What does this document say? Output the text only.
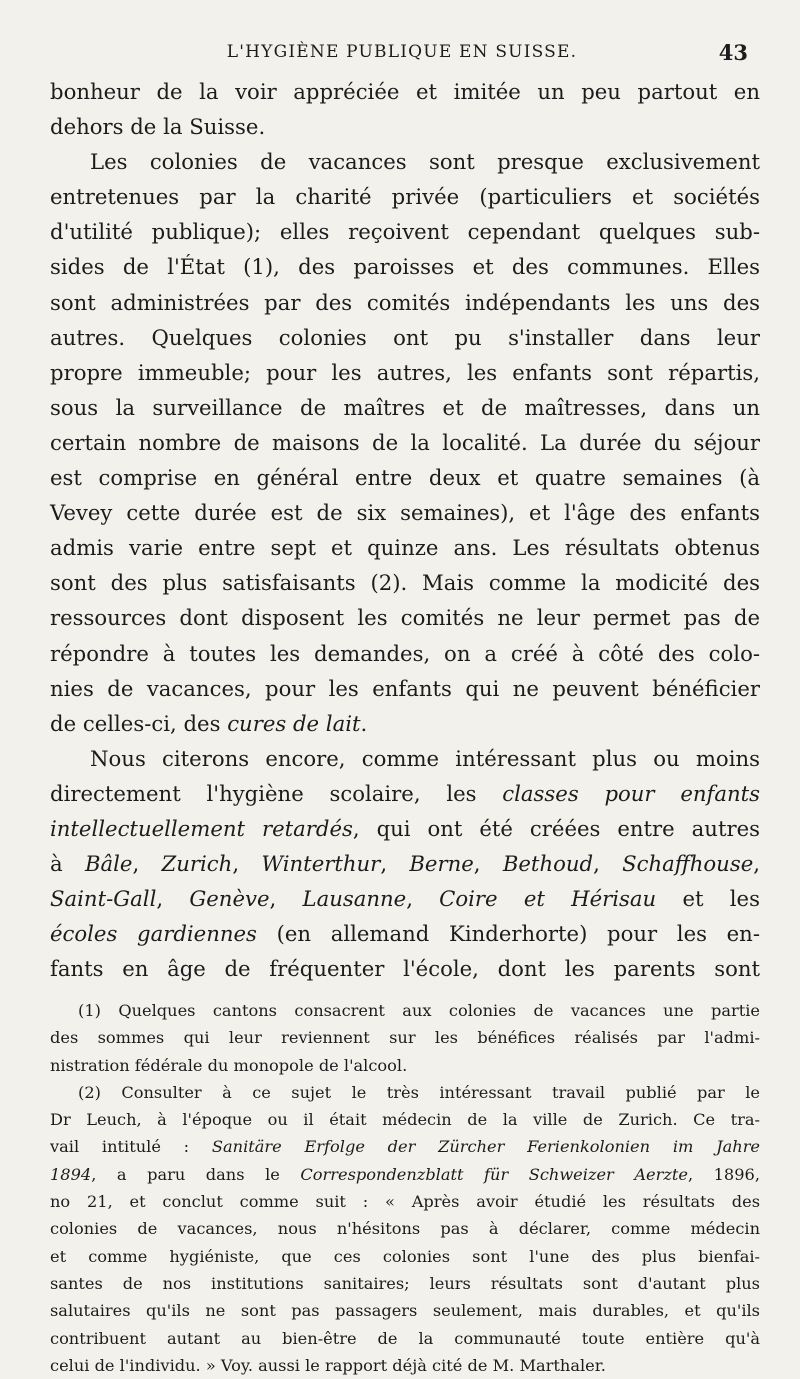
L'HYGIÈNE PUBLIQUE EN SUISSE.	43
bonheur de la voir appréciée et imitée un peu partout en
dehors de la Suisse.
Les colonies de vacances sont presque exclusivement
entretenues par la charité privée (particuliers et sociétés
d'utilité publique); elles reçoivent cependant quelques sub-
sides de l'État (1), des paroisses et des communes. Elles
sont administrées par des comités indépendants les uns des
autres. Quelques colonies ont pu s'installer dans leur
propre immeuble; pour les autres, les enfants sont répartis,
sous la surveillance de maîtres et de maîtresses, dans un
certain nombre de maisons de la localité. La durée du séjour
est comprise en général entre deux et quatre semaines (à
Vevey cette durée est de six semaines), et l'âge des enfants
admis varie entre sept et quinze ans. Les résultats obtenus
sont des plus satisfaisants (2). Mais comme la modicité des
ressources dont disposent les comités ne leur permet pas de
répondre à toutes les demandes, on a créé à côté des colo-
nies de vacances, pour les enfants qui ne peuvent bénéficier
de celles-ci, des cures de lait.
Nous citerons encore, comme intéressant plus ou moins
directement l'hygiène scolaire, les classes pour enfants
intellectuellement retardés, qui ont été créées entre autres
à Bâle, Zurich, Winterthur, Berne, Bethoud, Schaffhouse,
Saint-Gall, Genève, Lausanne, Coire et Hérisau et les
écoles gardiennes (en allemand Kinderhorte) pour les en-
fants en âge de fréquenter l'école, dont les parents sont
(1) Quelques cantons consacrent aux colonies de vacances une partie
des sommes qui leur reviennent sur les bénéfices réalisés par l'admi-
nistration fédérale du monopole de l'alcool.
(2) Consulter à ce sujet le très intéressant travail publié par le
Dr Leuch, à l'époque ou il était médecin de la ville de Zurich. Ce tra-
vail intitulé : Sanitäre Erfolge der Zürcher Ferienkolonien im Jahre
1894, a paru dans le Correspondenzblatt für Schweizer Aerzte, 1896,
no 21, et conclut comme suit : « Après avoir étudié les résultats des
colonies de vacances, nous n'hésitons pas à déclarer, comme médecin
et comme hygiéniste, que ces colonies sont l'une des plus bienfai-
santes de nos institutions sanitaires; leurs résultats sont d'autant plus
salutaires qu'ils ne sont pas passagers seulement, mais durables, et qu'ils
contribuent autant au bien-être de la communauté toute entière qu'à
celui de l'individu. » Voy. aussi le rapport déjà cité de M. Marthaler.
